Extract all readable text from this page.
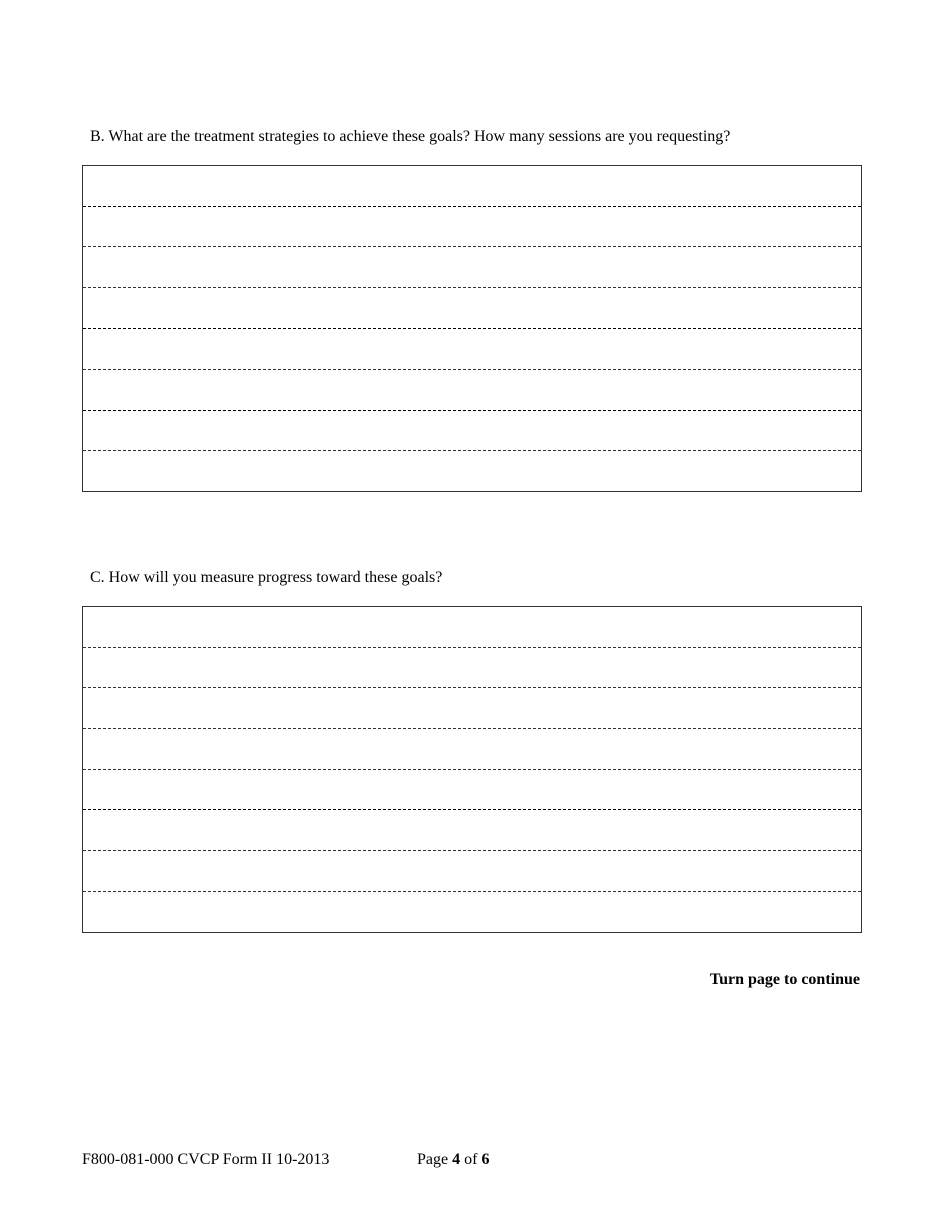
B. What are the treatment strategies to achieve these goals? How many sessions are you requesting?
C. How will you measure progress toward these goals?
Turn page to continue
F800-081-000 CVCP Form II 10-2013	Page 4 of 6
